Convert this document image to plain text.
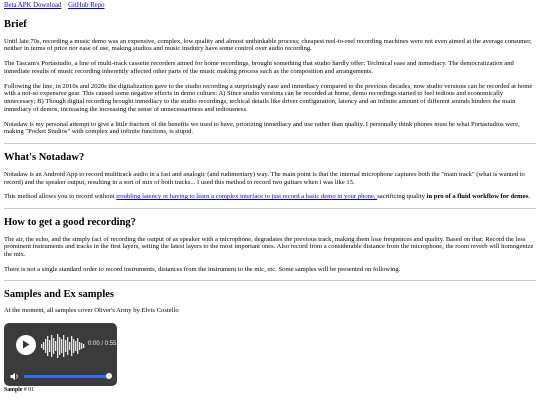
Beta APK Download GitHub Repo
Brief

Until late 70s, recording a music demo was an expensive, complex, low quality and almost unthinkable process; cheapest reel-to-reel recording machines were not even aimed at the average consumer, neither in terms of price nor ease of use, making studios and music insdutry have some control over audio recording.

The Tascam's Portastudio, a line of multi-track cassette recorders aimed for home recordings, brought something that studio hardly offer: Technical ease and inmediacy. The democratization and inmediate results of music recording inherently affected other parts of the music making process such as the composition and arrangements.

Following the line, in 2010s and 2020s the digitalization gave to the studio recording a surprisingly ease and inmediacy compared to the previous decades, now studio versions can be recorded at home with a not-so expensive gear. This caused some negative effects in demo culture: A) Since studio versions can be recorded at home, demo recordings started to feel tedious and economically unnecesary; B) Though digital recording brought inmediacy to the studio recordings, techical details like driver configuration, latency and an infinite amount of different sounds hinders the main inmediacy of demos, increasing the increasing the sense of unnecessariness and tediousness.

Notadaw is my personal attempt to give a little fraction of the benefits we used to have, priorizing inmediacy and use rather than quality. I personally think phones must be what Portastudios were, making "Pocket Studios" with complex and infinite functions, is stupid.

What's Notadaw?

Notadaw is an Android App to record multitrack audio in a fast and analogic (and rudimentary) way. The main point is that the internal microphone captures both the "main track" (what is wanted to record) and the speaker output, resulting in a sort of mix of both tracks... I used this method to record two guitars when i was like 15.

This method allows you to record without troubling latency or having to learn a complex interface to just record a basic demo in your phone, sacrificing quality in pro of a fluid workflow for demos.

How to get a good recording?

The air, the echo, and the simply fact of recording the output of as speaker with a microphone, degradates the previous track, making them lose frequences and quality. Based on that: Record the less prominent instruments and tracks in the first layers, setting the latest layers to the most important ones. Also record from a considerable distance from the microphone, the room reverb will homogenize the mix.

There is not a single standard order to record instruments, distances from the instrument to the mic, etc. Some samples will be presented on following.

Samples and Ex samples

At the moment, all samples cover Oliver's Army by Elvis Costello

0:00 / 0:55
Sample # 01
